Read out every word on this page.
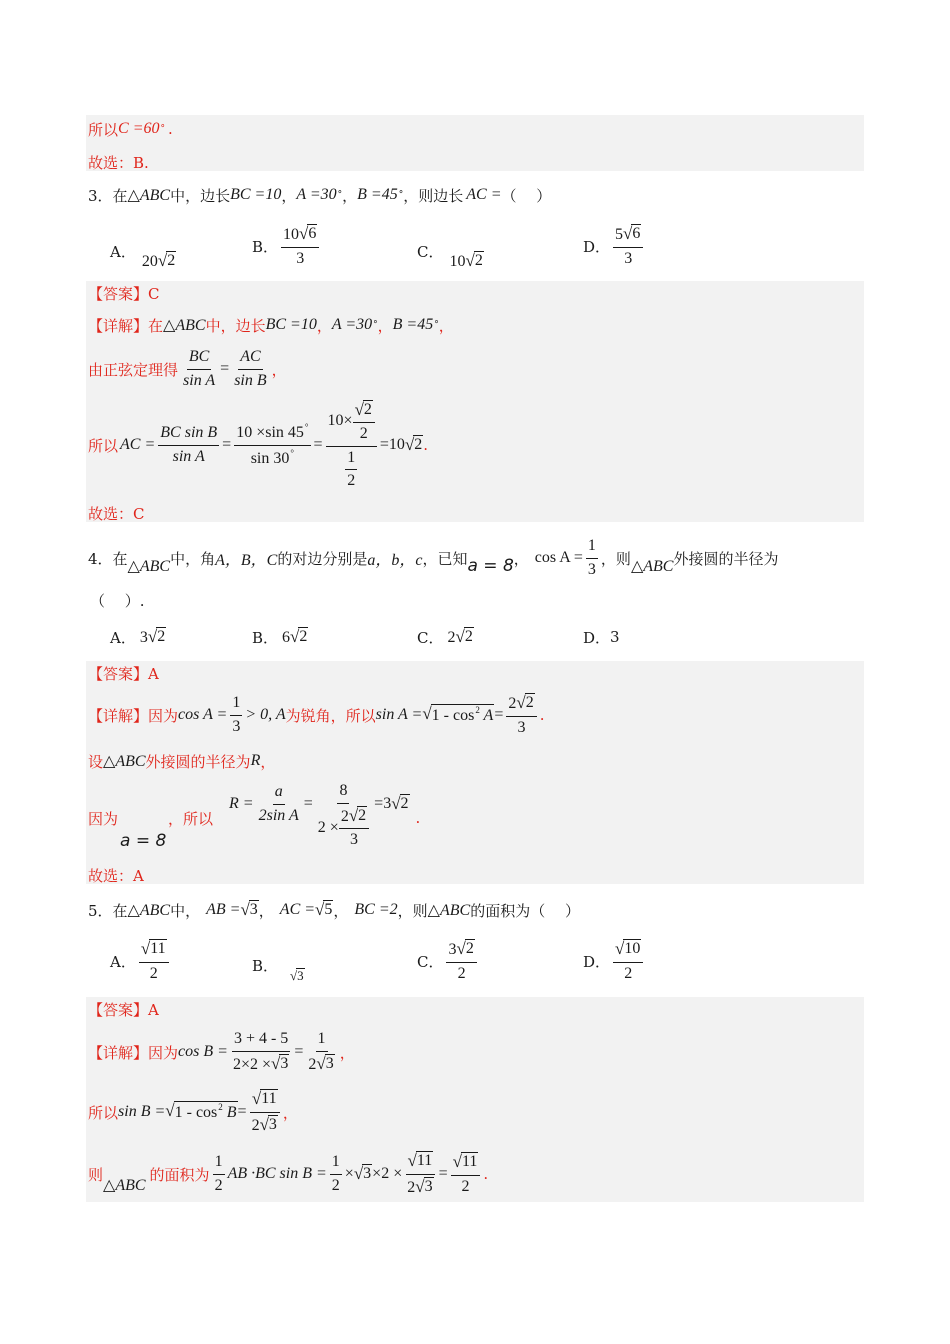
所以 C =60 ° .
故选：B.
3．在 △ABC 中，边长 BC =10 ， A =30 ° ， B =45 ° ，则边长 AC = （　 ）
A．
20 √ 2
B． $\frac{10 √ 6}{3}$	C．
10 √ 2
D． $\frac{5 √ 6}{3}$
【答案】C
【详解】 在 △ABC 中，边长 BC =10 ， A =30 ° ， B =45 ° ，
由正弦定理得 $\frac{BC}{\text{sin A}} = \frac{AC}{\text{sin B}}$ ，
所以 AC = $\frac{\text{BC sin B}}{\text{sin A}} = \frac{10 \times\sin 45^\circ}{\sin 30^\circ} = \frac{10\times \frac{√ 2}{2}}{\frac{1}{2}} =10$ √ 2 .
故选：C
4．在 △ABC 中，角 A，B，C 的对边分别是 a，b，c ，已知 a = 8 ， $\cos A = \frac{1}{3}$ ，则 △ABC 外接圆的半径为
（　 ）.
A． 3 √ 2	B． 6 √ 2	C． 2 √ 2	D． 3
【答案】A
【详解】 因为 $\cos A = \frac{1}{3} > 0$, A 为锐角，所以 sin A = √ $1 - \cos^2 A = \frac{2 √ 2}{3}$ .
设 △ABC 外接圆的半径为 R ，
因为	，所以
$R = \frac{a}{\text{2sin A}} = \frac{8}{2 \times \frac{2 √ 2}{3}} =3$ √ 2
.
a = 8
故选：A
5．在 △ABC 中， AB = √ 3 ， AC = √ 5 ， BC =2 ，则 △ABC 的面积为 （　 ）
A． $\frac{√ 11}{2}$	B．
√ 3
C． $\frac{3 √ 2}{2}$	D． $\frac{√ 10}{2}$
【答案】A
【详解】 因为 $\cos B = \frac{3 + 4 - 5}{2\times 2 \times √ 3} = \frac{1}{2 √ 3}$ ，
所以 sin B = √ $1 - \cos^2 B = \frac{√ 11}{2 √ 3}$ ，
则
△ABC
的面积为 $\frac{1}{2}$ AB ·BC $\sin B = \frac{1}{2}$ × √ $3 \times 2 \times \frac{√ 11}{2 √ 3} = \frac{√ 11}{2}$ .
